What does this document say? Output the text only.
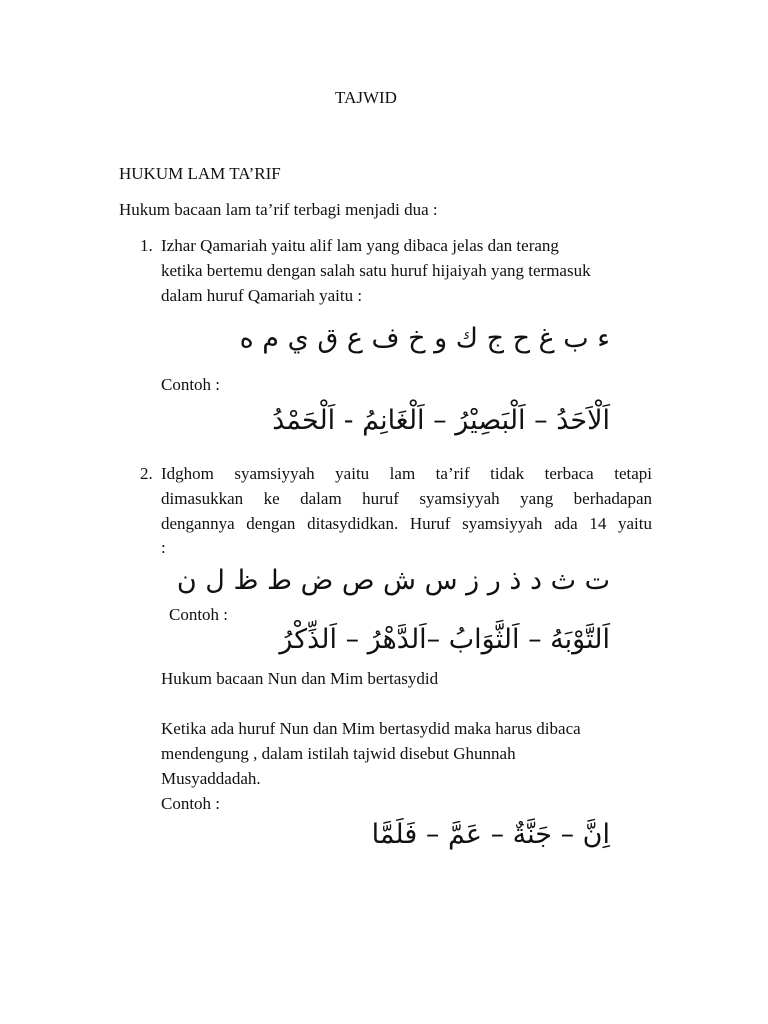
TAJWID
HUKUM LAM TA’RIF
Hukum bacaan lam ta’rif terbagi menjadi dua :
1. Izhar Qamariah yaitu alif lam yang dibaca jelas dan terang
ketika bertemu dengan salah satu huruf hijaiyah yang termasuk
dalam huruf Qamariah yaitu :
ء ب غ ح ج ك و خ ف ع ق ي م ه
Contoh :
اَلْاَحَدُ – اَلْبَصِيْرُ – اَلْغَانِمُ - اَلْحَمْدُ
2. Idghom syamsiyyah yaitu lam ta’rif tidak terbaca tetapi
dimasukkan ke dalam huruf syamsiyyah yang berhadapan
dengannya dengan ditasydidkan. Huruf syamsiyyah ada 14 yaitu
:
ت ث د ذ ر ز س ش ص ض ط ظ ل ن
Contoh :
اَلتَّوْبَهُ – اَلثَّوَابُ –اَلدَّهْرُ – اَلذِّكْرُ
Hukum bacaan Nun dan Mim bertasydid
Ketika ada huruf Nun dan Mim bertasydid maka harus dibaca
mendengung , dalam istilah tajwid disebut Ghunnah
Musyaddadah.
Contoh :
اِنَّ – جَنَّةٌ – عَمَّ – فَلَمَّا
